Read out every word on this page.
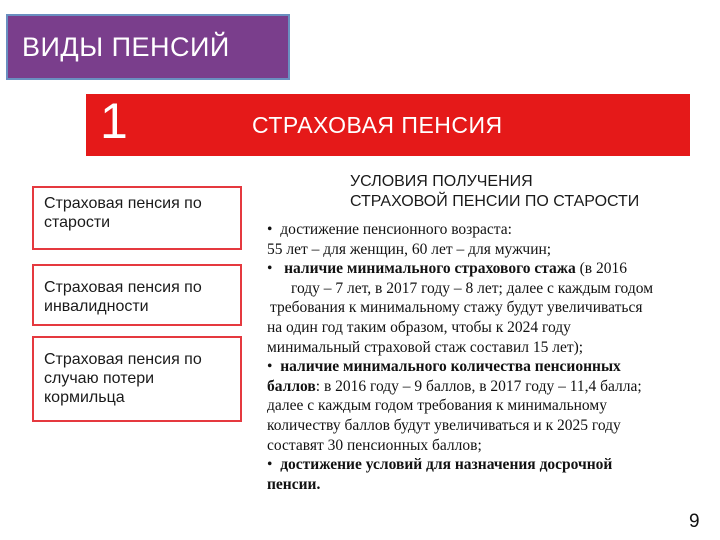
ВИДЫ ПЕНСИЙ
1	СТРАХОВАЯ ПЕНСИЯ
Страховая пенсия по старости
Страховая пенсия по инвалидности
Страховая пенсия по случаю потери кормильца
УСЛОВИЯ ПОЛУЧЕНИЯ
СТРАХОВОЙ ПЕНСИИ ПО СТАРОСТИ
• достижение пенсионного возраста:
55 лет – для женщин, 60 лет – для мужчин;
• наличие минимального страхового стажа (в 2016
году – 7 лет, в 2017 году – 8 лет; далее с каждым годом
требования к минимальному стажу будут увеличиваться
на один год таким образом, чтобы к 2024 году
минимальный страховой стаж составил 15 лет);
• наличие минимального количества пенсионных
баллов: в 2016 году – 9 баллов, в 2017 году – 11,4 балла;
далее с каждым годом требования к минимальному
количеству баллов будут увеличиваться и к 2025 году
составят 30 пенсионных баллов;
• достижение условий для назначения досрочной
пенсии.
9
